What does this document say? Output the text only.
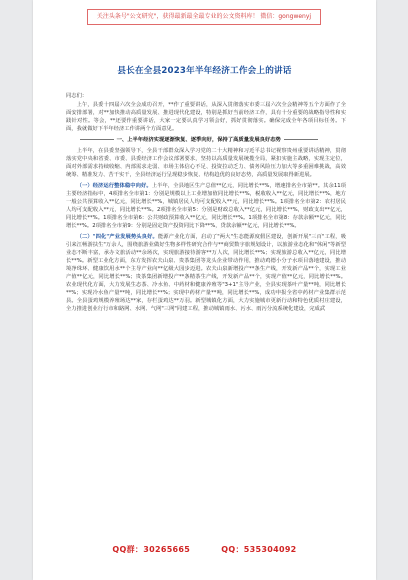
关注头条号"公文研究"，获得最新最全最专业的公文资料库！ 微信：gongwenyj
县长在全县2023年半年经济工作会上的讲话

同志们：

上午，县委十四届六次全会成功召开，**作了重要讲话，从深入贯彻落实市委三届六次全会精神等五个方面作了全面安排部署，对**加快推动高质量发展、推进现代化建设，特别是抓好当前经济工作，具有十分重要的战略指导性和实践针对性。等会，**还要作重要讲话，大家一定要认真学习领会好，抓好贯彻落实。确保完成全年各项目标任务。下面，我就做好下半年经济工作讲两个方面意见。

一、上半年经济实现逐渐恢复、逐季向好，保持了高质量发展良好态势

上半年，在县委坚强领导下，全县干部群众深入学习党的二十大精神和习近平总书记视察贵州重要讲话精神，贯彻落实党中央和省委、市委、县委经济工作会议部署要求，坚持以高质量发展统揽全局，紧扣实施主战略，实现主定位，面对外部需求持续收缩、内部需求走弱、市场主体信心不足、投资拉动乏力、债务风险压力加大等多重困难挑战，高效统筹、精准发力、苦干实干，全县经济运行呈现稳步恢复、结构趋优的良好态势，高质量发展取得新进展。

（一）经济运行整体稳中向好。上半年，全县地区生产总值**亿元，同比增长**%，增速排名全市第**。其余11项主要经济指标中，4项排名全市第1：分别是规模以上工业增加值同比增长**%，税收收入**亿元，同比增长**%，地方一般公共预算收入**亿元，同比增长**%，城镇居民人均可支配收入**元，同比增长**%。1项排名全市第2：农村居民人均可支配收入**元，同比增长**%。2项排名全市第5：分别是财政总收入**亿元，同比增长**%，财政支出**亿元，同比增长**%。1项排名全市第6：公共财政预算收入**亿元，同比增长**%。1项排名全市第8：存款余额**亿元，同比增长**%。2项排名全市第9：分别是固定资产投资同比下降**%，贷款余额**亿元，同比增长**%。

（二）"四化"产业发展势头良好。能源产业化方面，启动了"两大"生态能源度假区建设，创新开展"三百"工程，吸引来江畅游扶生"万余人，围绕旅游业做好生物多样性研究合作与**商贸数字旅规划设计，以旅游业态化和"休闲"等新型业态不断丰富，承办文旅活动**余场次，实现旅游接待游客**万人次，同比增长**%；实现旅游总收入**亿元，同比增长**%。新型工业化方面，东方发挥农夫山泉、贵茶集团等龙头企业带动作用，推动鸡德小分子水项目落地建设，推动境净珠环、健康饮用水**个主导产业向**亿级大园步迈进。农夫山泉新增投产**条生产线，开发新产品**个，实现工业产值**亿元，同比增长**%；贵茶集团新增投产**条精茶生产线，开发新产品**个，实现产值**亿元，同比增长**%。农业现代化方面，大力发展生态茶、冷水鱼、中药材和健康养殖等"3+1"主导产业，全县实现茶叶产量**吨，同比增长**%；实现冷水鱼产量**吨，同比增长**%；实现中药材产量**吨，同比增长**%，成功申报全省中药材产业集群示范县。全县蛋鸡规模养殖场达**家，存栏蛋鸡达**万羽。新型城镇化方面，大力实施城市更新行动和特色优质村庄建设，全力推进创业行行市和路网、水网、气网"三网"同建工程，推动城镇雨水、污水、雨污分流系统化建设，完成武

QQ群：30265665	QQ：535304092
